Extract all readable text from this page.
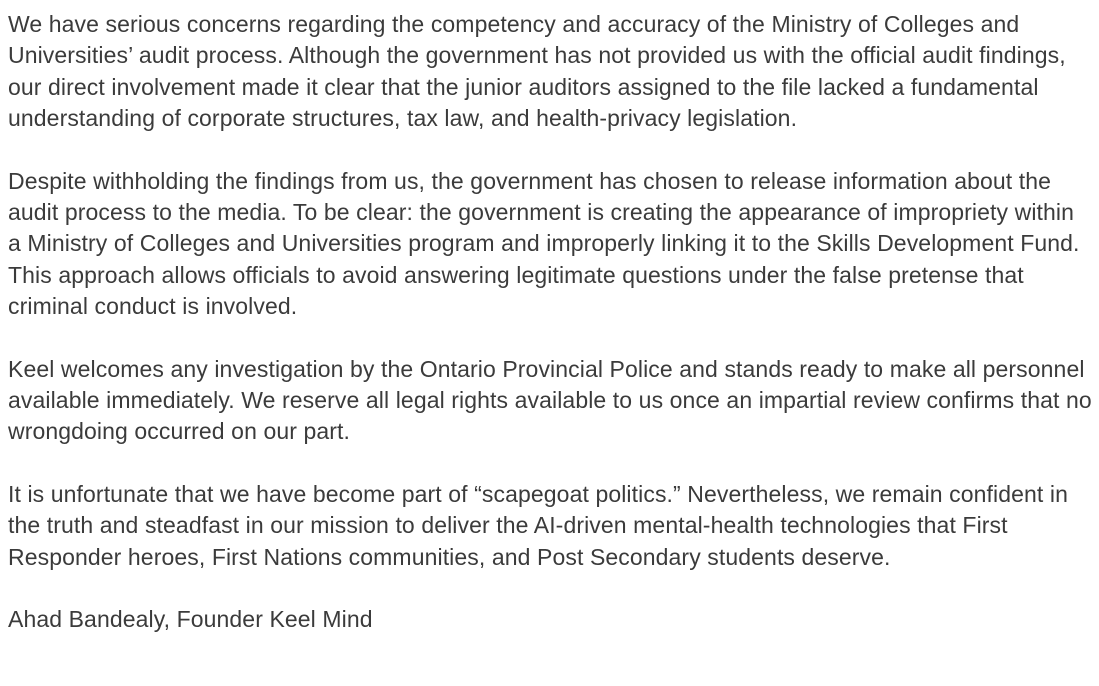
We have serious concerns regarding the competency and accuracy of the Ministry of Colleges and Universities’ audit process. Although the government has not provided us with the official audit findings, our direct involvement made it clear that the junior auditors assigned to the file lacked a fundamental understanding of corporate structures, tax law, and health-privacy legislation.

Despite withholding the findings from us, the government has chosen to release information about the audit process to the media. To be clear: the government is creating the appearance of impropriety within a Ministry of Colleges and Universities program and improperly linking it to the Skills Development Fund. This approach allows officials to avoid answering legitimate questions under the false pretense that criminal conduct is involved.

Keel welcomes any investigation by the Ontario Provincial Police and stands ready to make all personnel available immediately. We reserve all legal rights available to us once an impartial review confirms that no wrongdoing occurred on our part.

It is unfortunate that we have become part of “scapegoat politics.” Nevertheless, we remain confident in the truth and steadfast in our mission to deliver the AI-driven mental-health technologies that First Responder heroes, First Nations communities, and Post Secondary students deserve.

Ahad Bandealy, Founder Keel Mind
